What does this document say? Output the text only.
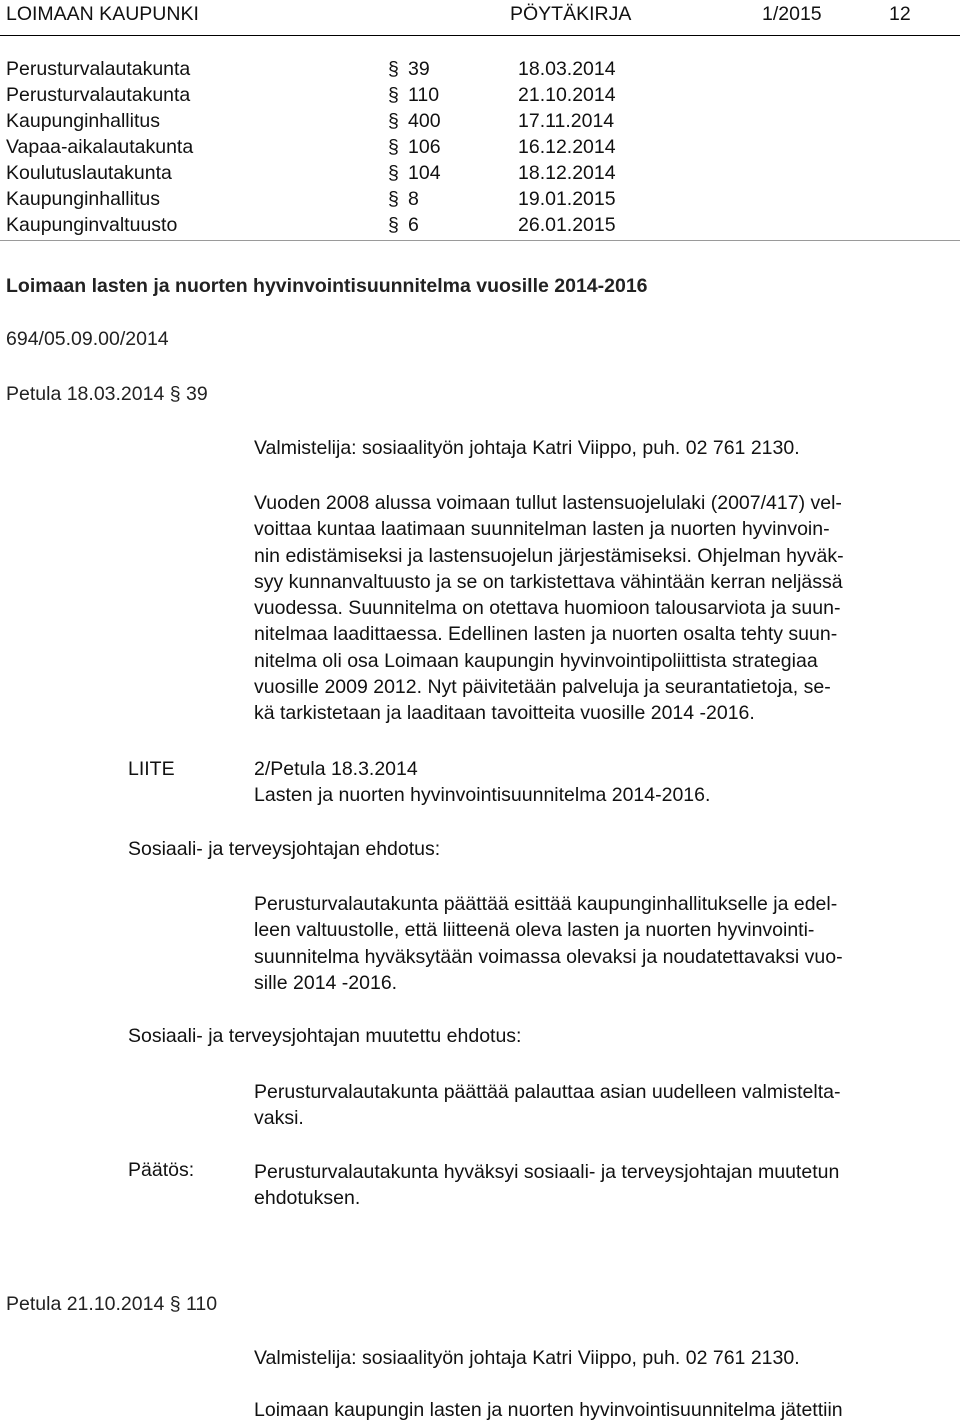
LOIMAAN KAUPUNKI	PÖYTÄKIRJA	1/2015	12
Perusturvalautakunta	§ 39	18.03.2014
Perusturvalautakunta	§ 110	21.10.2014
Kaupunginhallitus	§ 400	17.11.2014
Vapaa-aikalautakunta	§ 106	16.12.2014
Koulutuslautakunta	§ 104	18.12.2014
Kaupunginhallitus	§ 8	19.01.2015
Kaupunginvaltuusto	§ 6	26.01.2015
Loimaan lasten ja nuorten hyvinvointisuunnitelma vuosille 2014-2016
694/05.09.00/2014
Petula 18.03.2014 § 39
Valmistelija: sosiaalityön johtaja Katri Viippo, puh. 02 761 2130.
Vuoden 2008 alussa voimaan tullut lastensuojelulaki (2007/417) vel-
voittaa kuntaa laatimaan suunnitelman lasten ja nuorten hyvinvoin-
nin edistämiseksi ja lastensuojelun järjestämiseksi. Ohjelman hyväk-
syy kunnanvaltuusto ja se on tarkistettava vähintään kerran neljässä
vuodessa. Suunnitelma on otettava huomioon talousarviota ja suun-
nitelmaa laadittaessa. Edellinen lasten ja nuorten osalta tehty suun-
nitelma oli osa Loimaan kaupungin hyvinvointipoliittista strategiaa
vuosille 2009 2012. Nyt päivitetään palveluja ja seurantatietoja, se-
kä tarkistetaan ja laaditaan tavoitteita vuosille 2014 -2016.
LIITE	2/Petula 18.3.2014
Lasten ja nuorten hyvinvointisuunnitelma 2014-2016.
Sosiaali- ja terveysjohtajan ehdotus:
Perusturvalautakunta päättää esittää kaupunginhallitukselle ja edel-
leen valtuustolle, että liitteenä oleva lasten ja nuorten hyvinvointi-
suunnitelma hyväksytään voimassa olevaksi ja noudatettavaksi vuo-
sille 2014 -2016.
Sosiaali- ja terveysjohtajan muutettu ehdotus:
Perusturvalautakunta päättää palauttaa asian uudelleen valmistelta-
vaksi.
Päätös:	Perusturvalautakunta hyväksyi sosiaali- ja terveysjohtajan muutetun
ehdotuksen.
Petula 21.10.2014 § 110
Valmistelija: sosiaalityön johtaja Katri Viippo, puh. 02 761 2130.
Loimaan kaupungin lasten ja nuorten hyvinvointisuunnitelma jätettiin
